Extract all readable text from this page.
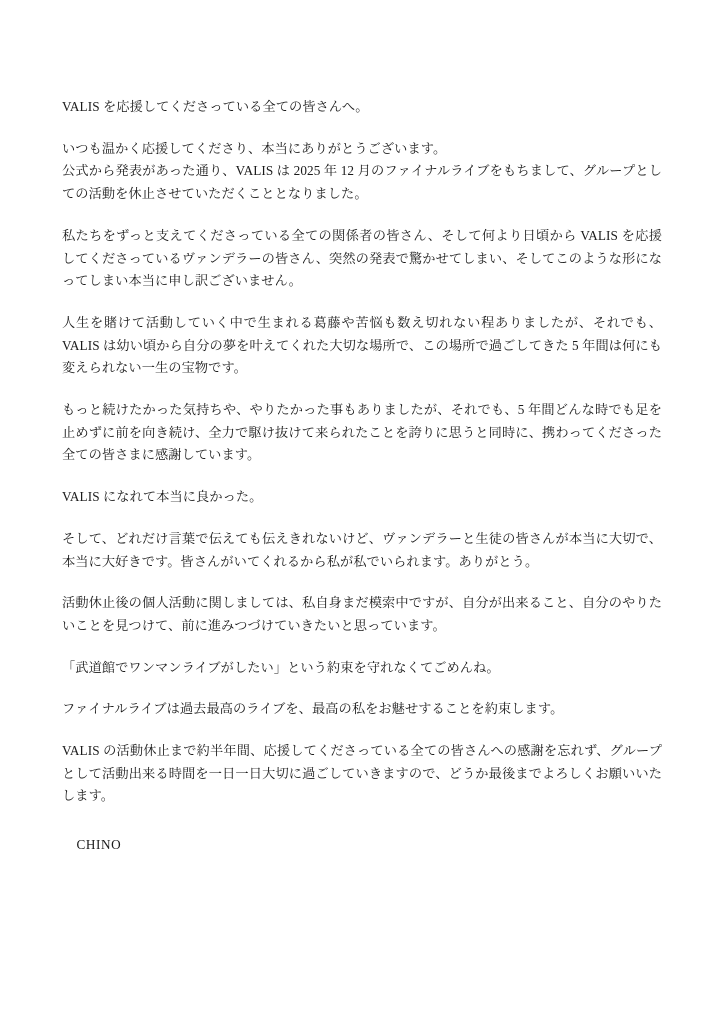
VALIS を応援してくださっている全ての皆さんへ。

いつも温かく応援してくださり、本当にありがとうございます。

公式から発表があった通り、VALIS は 2025 年 12 月のファイナルライブをもちまして、グループとしての活動を休止させていただくこととなりました。

私たちをずっと支えてくださっている全ての関係者の皆さん、そして何より日頃から VALIS を応援してくださっているヴァンデラーの皆さん、突然の発表で驚かせてしまい、そしてこのような形になってしまい本当に申し訳ございません。

人生を賭けて活動していく中で生まれる葛藤や苦悩も数え切れない程ありましたが、それでも、VALIS は幼い頃から自分の夢を叶えてくれた大切な場所で、この場所で過ごしてきた 5 年間は何にも変えられない一生の宝物です。

もっと続けたかった気持ちや、やりたかった事もありましたが、それでも、5 年間どんな時でも足を止めずに前を向き続け、全力で駆け抜けて来られたことを誇りに思うと同時に、携わってくださった全ての皆さまに感謝しています。

VALIS になれて本当に良かった。

そして、どれだけ言葉で伝えても伝えきれないけど、ヴァンデラーと生徒の皆さんが本当に大切で、本当に大好きです。皆さんがいてくれるから私が私でいられます。ありがとう。

活動休止後の個人活動に関しましては、私自身まだ模索中ですが、自分が出来ること、自分のやりたいことを見つけて、前に進みつづけていきたいと思っています。

「武道館でワンマンライブがしたい」という約束を守れなくてごめんね。

ファイナルライブは過去最高のライブを、最高の私をお魅せすることを約束します。

VALIS の活動休止まで約半年間、応援してくださっている全ての皆さんへの感謝を忘れず、グループとして活動出来る時間を一日一日大切に過ごしていきますので、どうか最後までよろしくお願いいたします。

CHINO
